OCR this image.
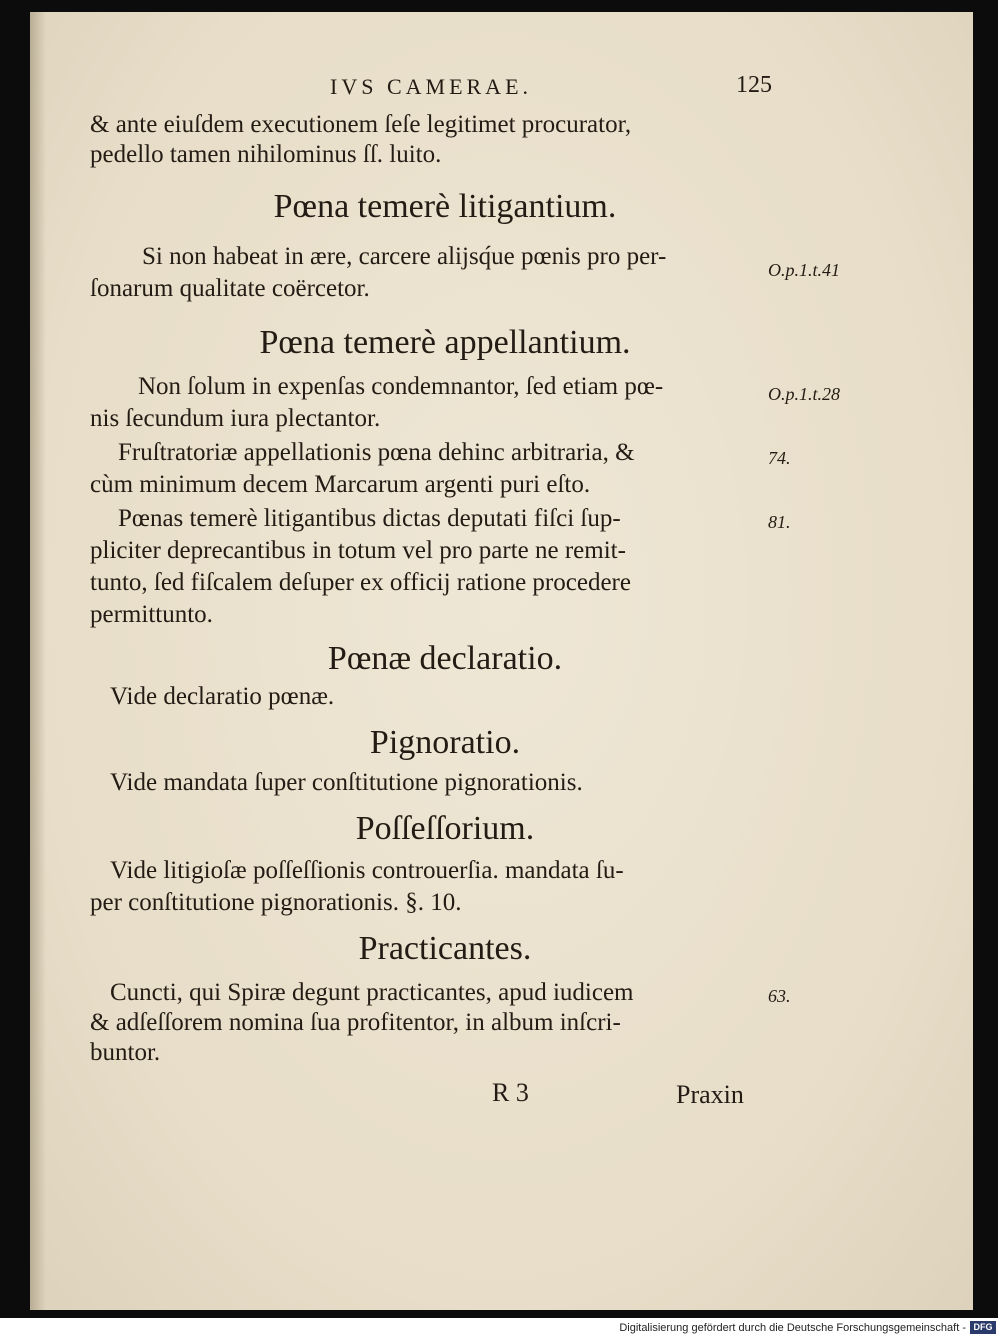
IVS CAMERAE.	125
& ante eiuſdem executionem ſeſe legitimet procurator,
pedello tamen nihilominus ſſ. luito.
Pœna temerè litigantium.
Si non habeat in ære, carcere alijsq́ue pœnis pro per-	O.p.1.t.41
ſonarum qualitate coërcetor.
Pœna temerè appellantium.
Non ſolum in expenſas condemnantor, ſed etiam pœ-	O.p.1.t.28
nis ſecundum iura plectantor.
Fruſtratoriæ appellationis pœna dehinc arbitraria, &	74.
cùm minimum decem Marcarum argenti puri eſto.
Pœnas temerè litigantibus dictas deputati fiſci ſup-	81.
pliciter deprecantibus in totum vel pro parte ne remit-
tunto, ſed fiſcalem deſuper ex officij ratione procedere
permittunto.
Pœnæ declaratio.
Vide declaratio pœnæ.
Pignoratio.
Vide mandata ſuper conſtitutione pignorationis.
Poſſeſſorium.
Vide litigioſæ poſſeſſionis controuerſia. mandata ſu-
per conſtitutione pignorationis. §. 10.
Practicantes.
Cuncti, qui Spiræ degunt practicantes, apud iudicem	63.
& adſeſſorem nomina ſua profitentor, in album inſcri-
buntor.
R 3	Praxin
Digitalisierung gefördert durch die Deutsche Forschungsgemeinschaft - DFG
